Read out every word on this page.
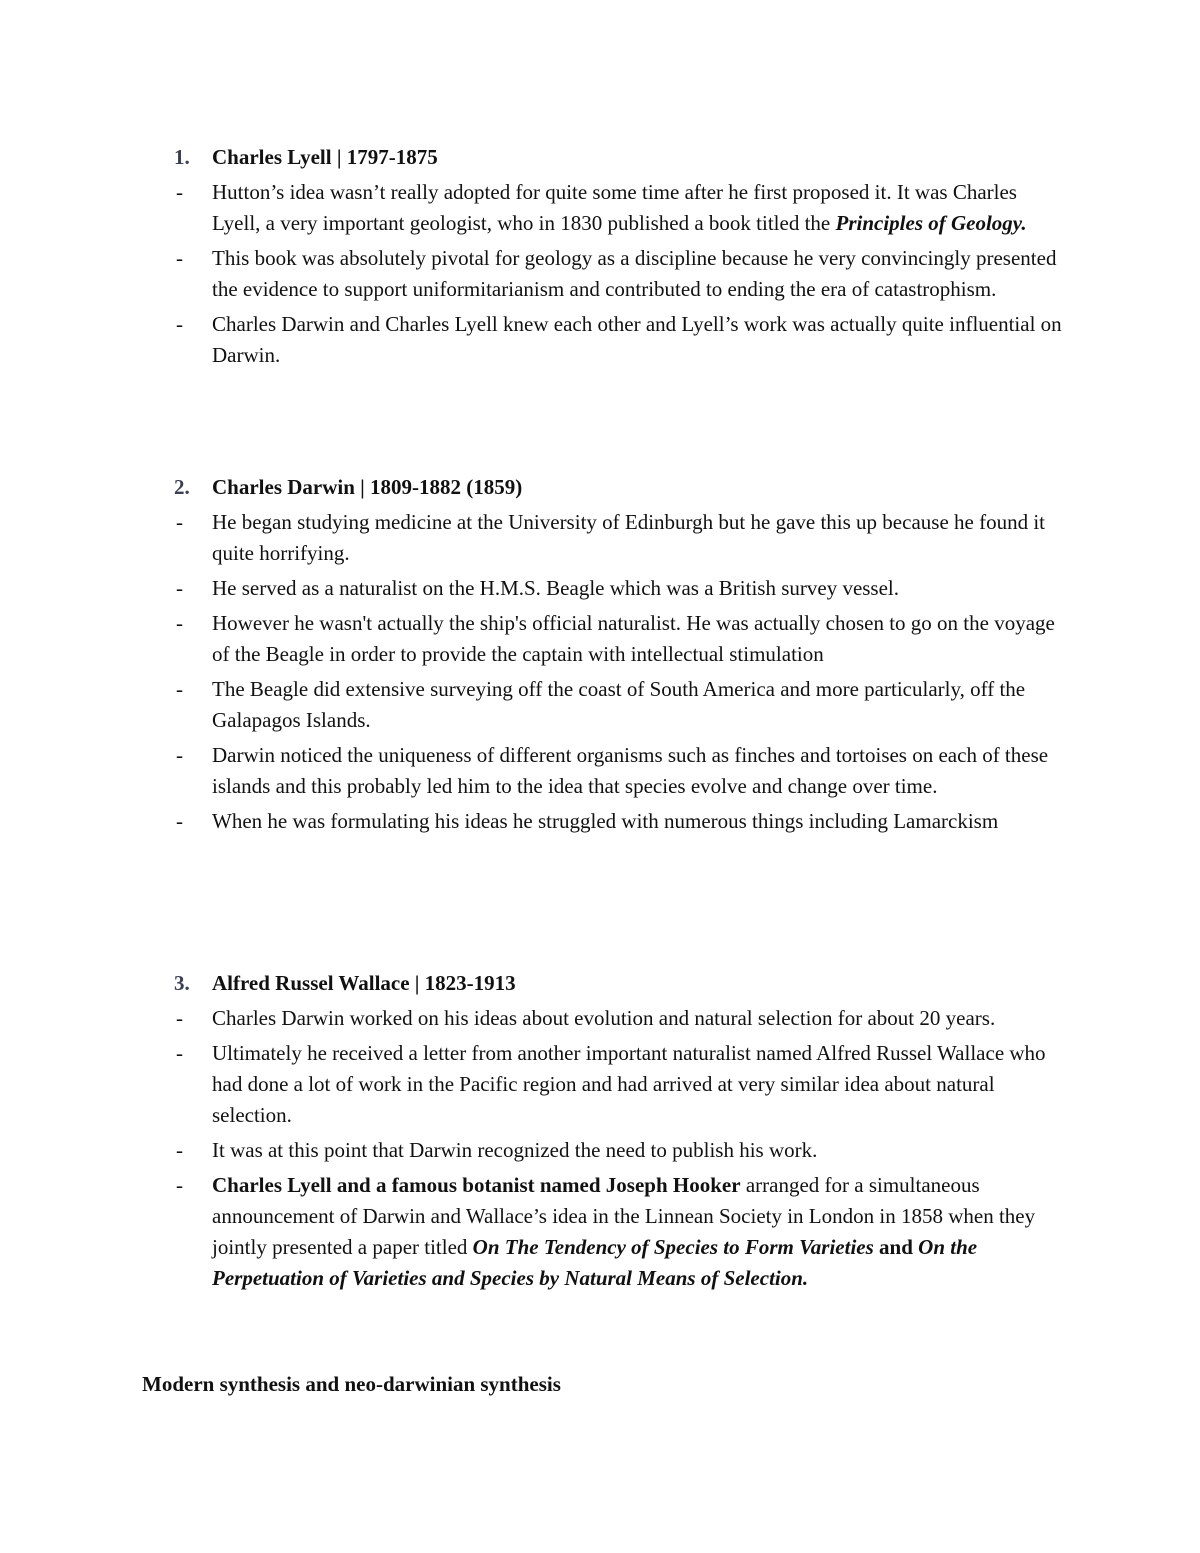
1. Charles Lyell | 1797-1875
- Hutton’s idea wasn’t really adopted for quite some time after he first proposed it. It was Charles Lyell, a very important geologist, who in 1830 published a book titled the Principles of Geology.
- This book was absolutely pivotal for geology as a discipline because he very convincingly presented the evidence to support uniformitarianism and contributed to ending the era of catastrophism.
- Charles Darwin and Charles Lyell knew each other and Lyell’s work was actually quite influential on Darwin.
2. Charles Darwin | 1809-1882 (1859)
- He began studying medicine at the University of Edinburgh but he gave this up because he found it quite horrifying.
- He served as a naturalist on the H.M.S. Beagle which was a British survey vessel.
- However he wasn't actually the ship's official naturalist. He was actually chosen to go on the voyage of the Beagle in order to provide the captain with intellectual stimulation
- The Beagle did extensive surveying off the coast of South America and more particularly, off the Galapagos Islands.
- Darwin noticed the uniqueness of different organisms such as finches and tortoises on each of these islands and this probably led him to the idea that species evolve and change over time.
- When he was formulating his ideas he struggled with numerous things including Lamarckism
3. Alfred Russel Wallace | 1823-1913
- Charles Darwin worked on his ideas about evolution and natural selection for about 20 years.
- Ultimately he received a letter from another important naturalist named Alfred Russel Wallace who had done a lot of work in the Pacific region and had arrived at very similar idea about natural selection.
- It was at this point that Darwin recognized the need to publish his work.
- Charles Lyell and a famous botanist named Joseph Hooker arranged for a simultaneous announcement of Darwin and Wallace’s idea in the Linnean Society in London in 1858 when they jointly presented a paper titled On The Tendency of Species to Form Varieties and On the Perpetuation of Varieties and Species by Natural Means of Selection.
Modern synthesis and neo-darwinian synthesis
